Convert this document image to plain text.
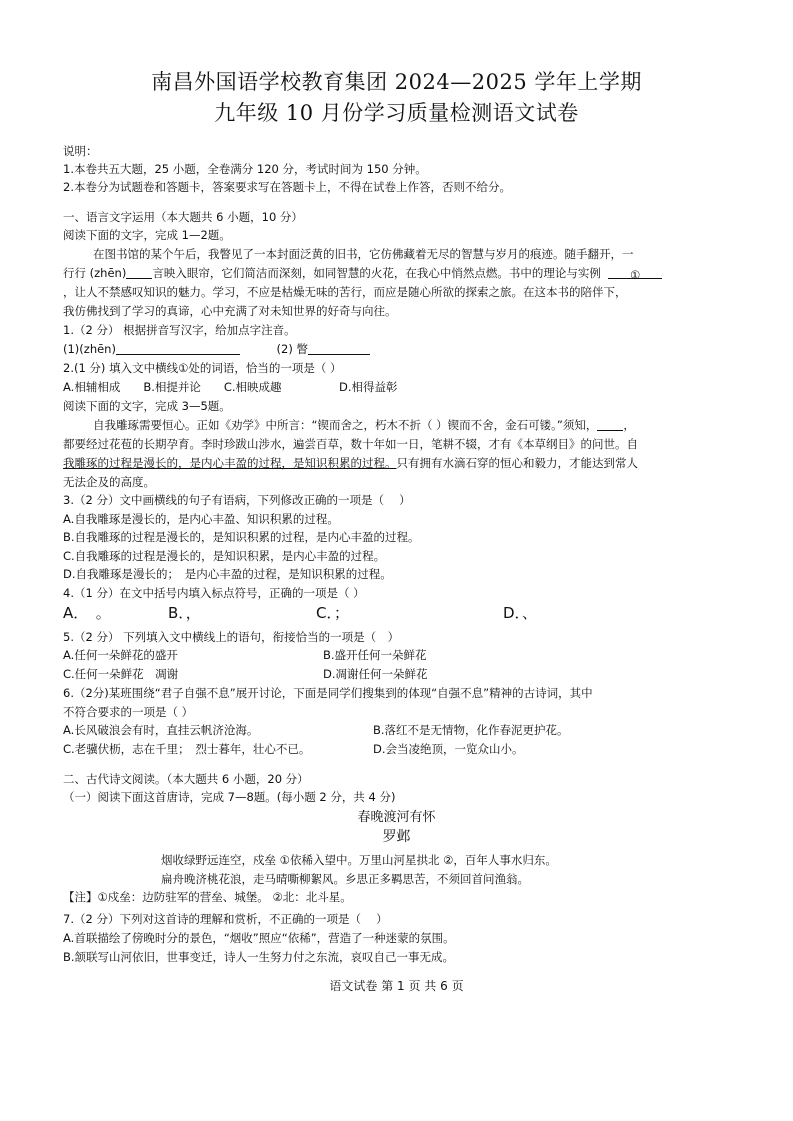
南昌外国语学校教育集团 2024—2025 学年上学期
九年级 10 月份学习质量检测语文试卷
说明：
1.本卷共五大题，25 小题，全卷满分 120 分，考试时间为 150 分钟。
2.本卷分为试题卷和答题卡，答案要求写在答题卡上，不得在试卷上作答，否则不给分。
一、语言文字运用（本大题共 6 小题，10 分）
阅读下面的文字，完成 1—2题。
在图书馆的某个午后，我瞥见了一本封面泛黄的旧书，它仿佛藏着无尽的智慧与岁月的痕迹。随手翻开，一
行行 (zhēn) 言映入眼帘，它们简洁而深刻，如同智慧的火花，在我心中悄然点燃。书中的理论与实例	①
，让人不禁感叹知识的魅力。学习，不应是枯燥无味的苦行，而应是随心所欲的探索之旅。在这本书的陪伴下，
我仿佛找到了学习的真谛，心中充满了对未知世界的好奇与向往。
1.（2 分） 根据拼音写汉字，给加点字注音。
(1)(zhēn)	(2) 瞥
2.(1 分) 填入文中横线①处的词语，恰当的一项是（ ）
A.相辅相成　　B.相提并论　　C.相映成趣　　　　　D.相得益彰
阅读下面的文字，完成 3—5题。
自我雕琢需要恒心。正如《劝学》中所言：“锲而舍之，朽木不折（ ）锲而不舍，金石可镂。”须知， ，
都要经过花苞的长期孕育。李时珍跋山涉水，遍尝百草，数十年如一日，笔耕不辍，才有《本草纲目》的问世。自
我雕琢的过程是漫长的，是内心丰盈的过程，是知识积累的过程。只有拥有水滴石穿的恒心和毅力，才能达到常人
无法企及的高度。
3.（2 分）文中画横线的句子有语病，下列修改正确的一项是（　 ）
A.自我雕琢是漫长的，是内心丰盈、知识积累的过程。
B.自我雕琢的过程是漫长的，是知识积累的过程，是内心丰盈的过程。
C.自我雕琢的过程是漫长的，是知识积累，是内心丰盈的过程。
D.自我雕琢是漫长的；　是内心丰盈的过程，是知识积累的过程。
4.（1 分）在文中括号内填入标点符号，正确的一项是（ ）
A．　。	B．，	C．；	D．、
5.（2 分） 下列填入文中横线上的语句，衔接恰当的一项是（　）
A.任何一朵鲜花的盛开	B.盛开任何一朵鲜花
C.任何一朵鲜花　凋谢	D.凋谢任何一朵鲜花
6.（2分)某班围绕“君子自强不息”展开讨论，下面是同学们搜集到的体现“自强不息”精神的古诗词，其中
不符合要求的一项是（ ）
A.长风破浪会有时，直挂云帆济沧海。	B.落红不是无情物，化作春泥更护花。
C.老骥伏枥，志在千里；　烈士暮年，壮心不已。	D.会当凌绝顶，一览众山小。
二、古代诗文阅读。（本大题共 6 小题，20 分）
（一）阅读下面这首唐诗，完成 7—8题。(每小题 2 分，共 4 分)
春晚渡河有怀
罗邺
烟收绿野远连空，戍垒 ①依稀入望中。万里山河星拱北 ②，百年人事水归东。
扁舟晚济桃花浪，走马晴嘶柳絮风。乡思正多羁思苦，不须回首问渔翁。
【注】①戍垒：边防驻军的营垒、城堡。 ②北：北斗星。
7.（2 分）下列对这首诗的理解和赏析，不正确的一项是（　 ）
A.首联描绘了傍晚时分的景色，“烟收”照应“依稀”，营造了一种迷蒙的氛围。
B.颔联写山河依旧，世事变迁，诗人一生努力付之东流，哀叹自己一事无成。
语文试卷 第 1 页 共 6 页
